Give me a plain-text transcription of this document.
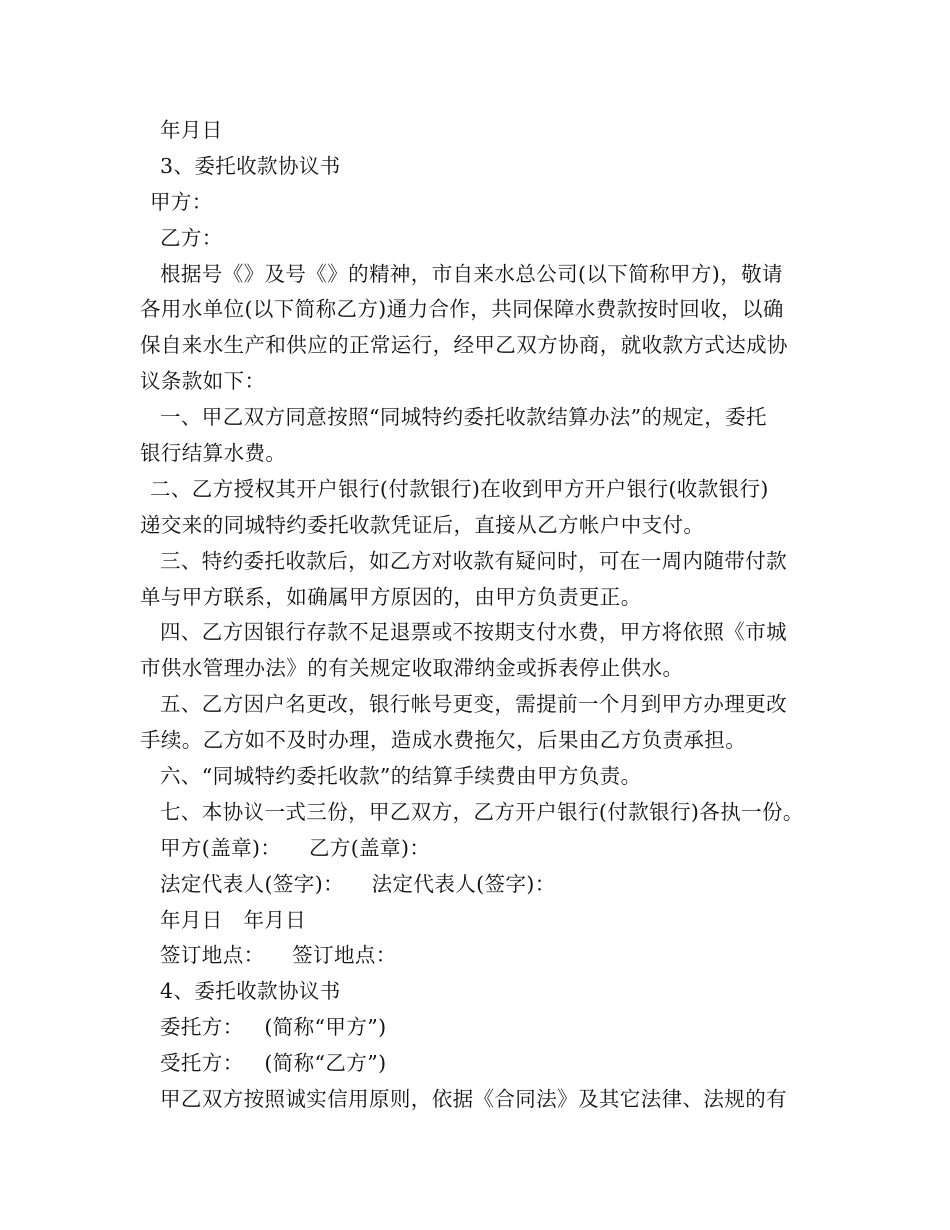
年月日
3、委托收款协议书
甲方：
乙方：
根据号《》及号《》的精神，市自来水总公司(以下简称甲方)，敬请
各用水单位(以下简称乙方)通力合作，共同保障水费款按时回收，以确
保自来水生产和供应的正常运行，经甲乙双方协商，就收款方式达成协
议条款如下：
一、甲乙双方同意按照“同城特约委托收款结算办法”的规定，委托
银行结算水费。
二、乙方授权其开户银行(付款银行)在收到甲方开户银行(收款银行)
递交来的同城特约委托收款凭证后，直接从乙方帐户中支付。
三、特约委托收款后，如乙方对收款有疑问时，可在一周内随带付款
单与甲方联系，如确属甲方原因的，由甲方负责更正。
四、乙方因银行存款不足退票或不按期支付水费，甲方将依照《市城
市供水管理办法》的有关规定收取滞纳金或拆表停止供水。
五、乙方因户名更改，银行帐号更变，需提前一个月到甲方办理更改
手续。乙方如不及时办理，造成水费拖欠，后果由乙方负责承担。
六、“同城特约委托收款”的结算手续费由甲方负责。
七、本协议一式三份，甲乙双方，乙方开户银行(付款银行)各执一份。
甲方(盖章)：    乙方(盖章)：
法定代表人(签字)：    法定代表人(签字)：
年月日   年月日
签订地点：    签订地点：
4、委托收款协议书
委托方：   (简称“甲方”)
受托方：   (简称“乙方”)
甲乙双方按照诚实信用原则，依据《合同法》及其它法律、法规的有
